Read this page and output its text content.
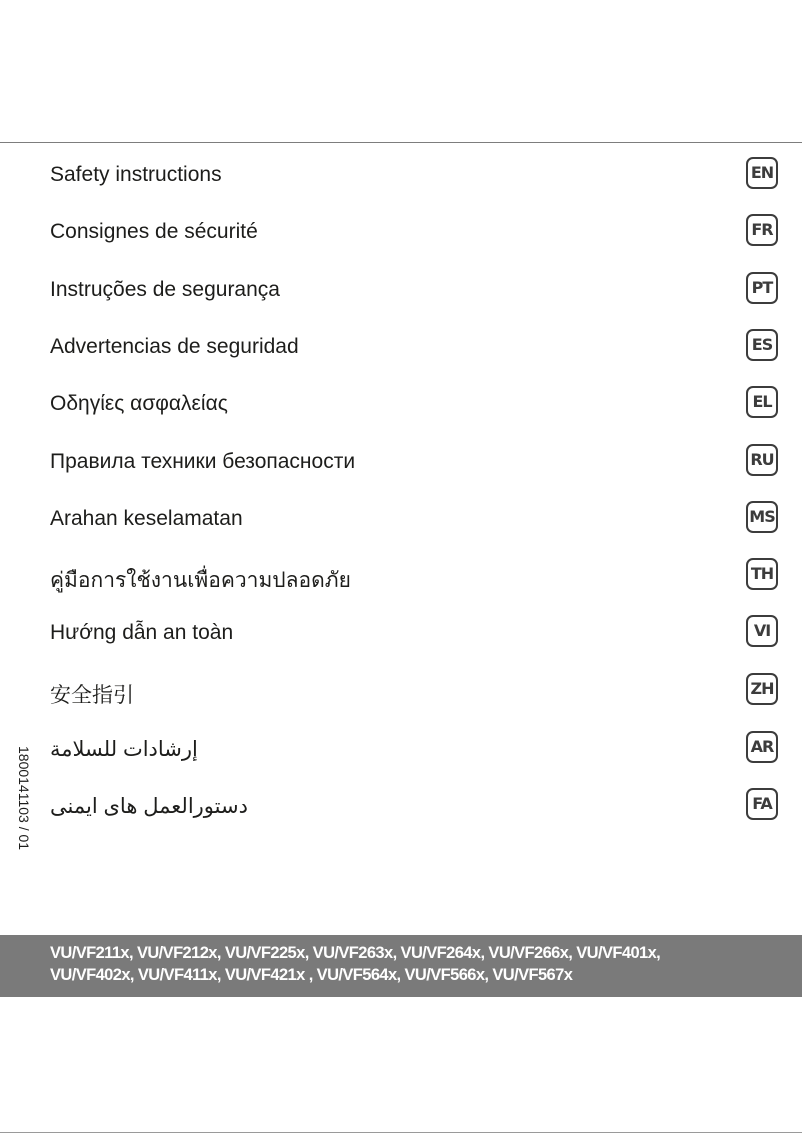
Safety instructions	EN
Consignes de sécurité	FR
Instruções de segurança	PT
Advertencias de seguridad	ES
Οδηγίες ασφαλείας	EL
Правила техники безопасности	RU
Arahan keselamatan	MS
คู่มือการใช้งานเพื่อความปลอดภัย	TH
Hướng dẫn an toàn	VI
安全指引	ZH
إرشادات للسلامة	AR
دستورالعمل های ایمنی	FA
1800141103 / 01
VU/VF211x, VU/VF212x, VU/VF225x, VU/VF263x, VU/VF264x, VU/VF266x, VU/VF401x,
VU/VF402x, VU/VF411x, VU/VF421x , VU/VF564x, VU/VF566x, VU/VF567x
